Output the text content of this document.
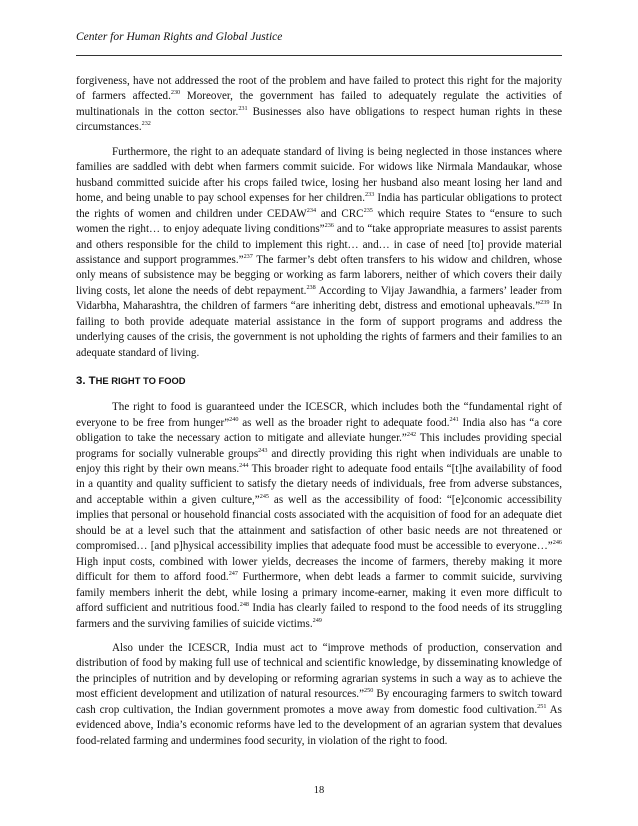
Center for Human Rights and Global Justice

forgiveness, have not addressed the root of the problem and have failed to protect this right for the majority of farmers affected.$^{230}$ Moreover, the government has failed to adequately regulate the activities of multinationals in the cotton sector.$^{231}$ Businesses also have obligations to respect human rights in these circumstances.$^{232}$

Furthermore, the right to an adequate standard of living is being neglected in those instances where families are saddled with debt when farmers commit suicide. For widows like Nirmala Mandaukar, whose husband committed suicide after his crops failed twice, losing her husband also meant losing her land and home, and being unable to pay school expenses for her children.$^{233}$ India has particular obligations to protect the rights of women and children under CEDAW$^{234}$ and CRC$^{235}$ which require States to “ensure to such women the right… to enjoy adequate living conditions”$^{236}$ and to “take appropriate measures to assist parents and others responsible for the child to implement this right… and… in case of need [to] provide material assistance and support programmes.”$^{237}$ The farmer’s debt often transfers to his widow and children, whose only means of subsistence may be begging or working as farm laborers, neither of which covers their daily living costs, let alone the needs of debt repayment.$^{238}$ According to Vijay Jawandhia, a farmers’ leader from Vidarbha, Maharashtra, the children of farmers “are inheriting debt, distress and emotional upheavals.”$^{239}$ In failing to both provide adequate material assistance in the form of support programs and address the underlying causes of the crisis, the government is not upholding the rights of farmers and their families to an adequate standard of living.

3. THE RIGHT TO FOOD

The right to food is guaranteed under the ICESCR, which includes both the “fundamental right of everyone to be free from hunger”$^{240}$ as well as the broader right to adequate food.$^{241}$ India also has “a core obligation to take the necessary action to mitigate and alleviate hunger.”$^{242}$ This includes providing special programs for socially vulnerable groups$^{243}$ and directly providing this right when individuals are unable to enjoy this right by their own means.$^{244}$ This broader right to adequate food entails “[t]he availability of food in a quantity and quality sufficient to satisfy the dietary needs of individuals, free from adverse substances, and acceptable within a given culture,”$^{245}$ as well as the accessibility of food: “[e]conomic accessibility implies that personal or household financial costs associated with the acquisition of food for an adequate diet should be at a level such that the attainment and satisfaction of other basic needs are not threatened or compromised… [and p]hysical accessibility implies that adequate food must be accessible to everyone…”$^{246}$ High input costs, combined with lower yields, decreases the income of farmers, thereby making it more difficult for them to afford food.$^{247}$ Furthermore, when debt leads a farmer to commit suicide, surviving family members inherit the debt, while losing a primary income-earner, making it even more difficult to afford sufficient and nutritious food.$^{248}$ India has clearly failed to respond to the food needs of its struggling farmers and the surviving families of suicide victims.$^{249}$

Also under the ICESCR, India must act to “improve methods of production, conservation and distribution of food by making full use of technical and scientific knowledge, by disseminating knowledge of the principles of nutrition and by developing or reforming agrarian systems in such a way as to achieve the most efficient development and utilization of natural resources.”$^{250}$ By encouraging farmers to switch toward cash crop cultivation, the Indian government promotes a move away from domestic food cultivation.$^{251}$ As evidenced above, India’s economic reforms have led to the development of an agrarian system that devalues food-related farming and undermines food security, in violation of the right to food.

18
